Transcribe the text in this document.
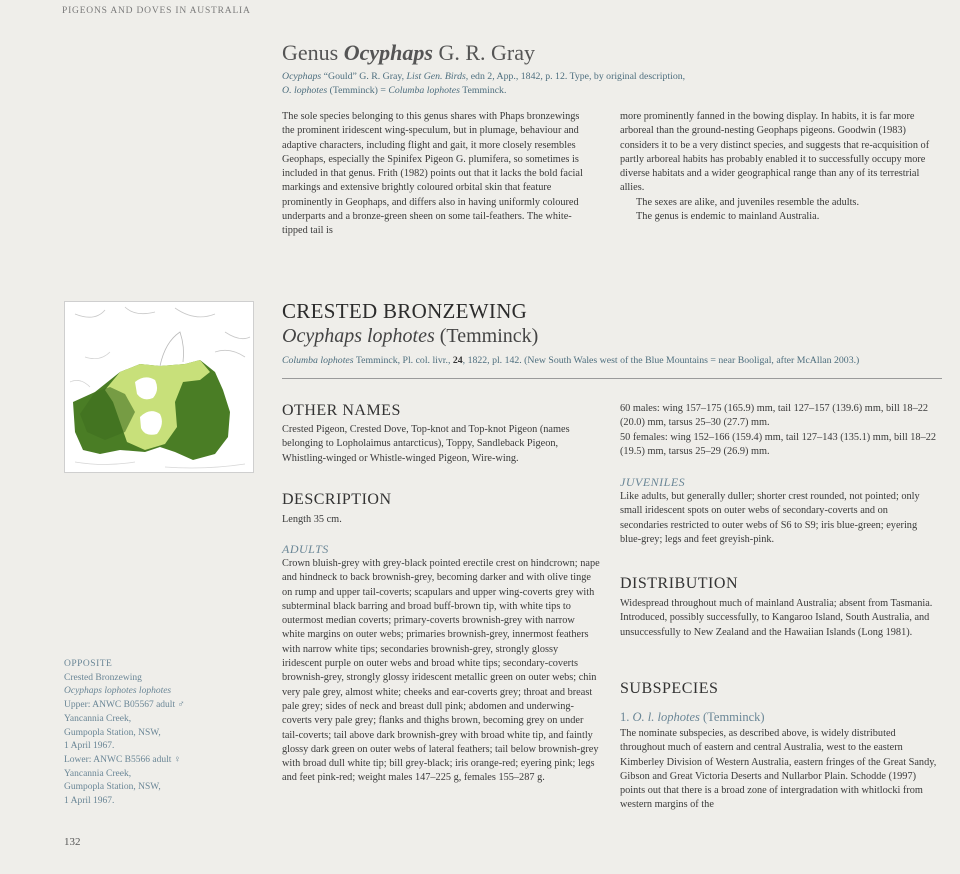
PIGEONS AND DOVES IN AUSTRALIA
Genus Ocyphaps G. R. Gray
Ocyphaps “Gould” G. R. Gray, List Gen. Birds, edn 2, App., 1842, p. 12. Type, by original description,
O. lophotes (Temminck) = Columba lophotes Temminck.

The sole species belonging to this genus shares with Phaps bronzewings the prominent iridescent wing-speculum, but in plumage, behaviour and adaptive characters, including flight and gait, it more closely resembles Geophaps, especially the Spinifex Pigeon G. plumifera, so sometimes is included in that genus. Frith (1982) points out that it lacks the bold facial markings and extensive brightly coloured orbital skin that feature prominently in Geophaps, and differs also in having uniformly coloured underparts and a bronze-green sheen on some tail-feathers. The white-tipped tail is

more prominently fanned in the bowing display. In habits, it is far more arboreal than the ground-nesting Geophaps pigeons. Goodwin (1983) considers it to be a very distinct species, and suggests that re-acquisition of partly arboreal habits has probably enabled it to successfully occupy more diverse habitats and a wider geographical range than any of its terrestrial allies.

The sexes are alike, and juveniles resemble the adults.

The genus is endemic to mainland Australia.

CRESTED BRONZEWING
Ocyphaps lophotes (Temminck)
Columba lophotes Temminck, Pl. col. livr., 24, 1822, pl. 142. (New South Wales west of the Blue Mountains = near Booligal, after McAllan 2003.)
OTHER NAMES
Crested Pigeon, Crested Dove, Top-knot and Top-knot Pigeon (names belonging to Lopholaimus antarcticus), Toppy, Sandleback Pigeon, Whistling-winged or Whistle-winged Pigeon, Wire-wing.
DESCRIPTION
Length 35 cm.
ADULTS
Crown bluish-grey with grey-black pointed erectile crest on hindcrown; nape and hindneck to back brownish-grey, becoming darker and with olive tinge on rump and upper tail-coverts; scapulars and upper wing-coverts grey with subterminal black barring and broad buff-brown tip, with white tips to outermost median coverts; primary-coverts brownish-grey with narrow white margins on outer webs; primaries brownish-grey, innermost feathers with narrow white tips; secondaries brownish-grey, strongly glossy iridescent purple on outer webs and broad white tips; secondary-coverts brownish-grey, strongly glossy iridescent metallic green on outer webs; chin very pale grey, almost white; cheeks and ear-coverts grey; throat and breast pale grey; sides of neck and breast dull pink; abdomen and underwing-coverts very pale grey; flanks and thighs brown, becoming grey on under tail-coverts; tail above dark brownish-grey with broad white tip, and faintly glossy dark green on outer webs of lateral feathers; tail below brownish-grey with broad dull white tip; bill grey-black; iris orange-red; eyering pink; legs and feet pink-red; weight males 147–225 g, females 155–287 g.
60 males: wing 157–175 (165.9) mm, tail 127–157 (139.6) mm, bill 18–22 (20.0) mm, tarsus 25–30 (27.7) mm.
50 females: wing 152–166 (159.4) mm, tail 127–143 (135.1) mm, bill 18–22 (19.5) mm, tarsus 25–29 (26.9) mm.
JUVENILES
Like adults, but generally duller; shorter crest rounded, not pointed; only small iridescent spots on outer webs of secondary-coverts and on secondaries restricted to outer webs of S6 to S9; iris blue-green; eyering blue-grey; legs and feet greyish-pink.
DISTRIBUTION
Widespread throughout much of mainland Australia; absent from Tasmania. Introduced, possibly successfully, to Kangaroo Island, South Australia, and unsuccessfully to New Zealand and the Hawaiian Islands (Long 1981).
SUBSPECIES
1. O. l. lophotes (Temminck)
The nominate subspecies, as described above, is widely distributed throughout much of eastern and central Australia, west to the eastern Kimberley Division of Western Australia, eastern fringes of the Great Sandy, Gibson and Great Victoria Deserts and Nullarbor Plain. Schodde (1997) points out that there is a broad zone of intergradation with whitlocki from western margins of the
OPPOSITE
Crested Bronzewing
Ocyphaps lophotes lophotes
Upper: ANWC B05567 adult ♂
Yancannia Creek,
Gumpopla Station, NSW,
1 April 1967.
Lower: ANWC B5566 adult ♀
Yancannia Creek,
Gumpopla Station, NSW,
1 April 1967.
132
